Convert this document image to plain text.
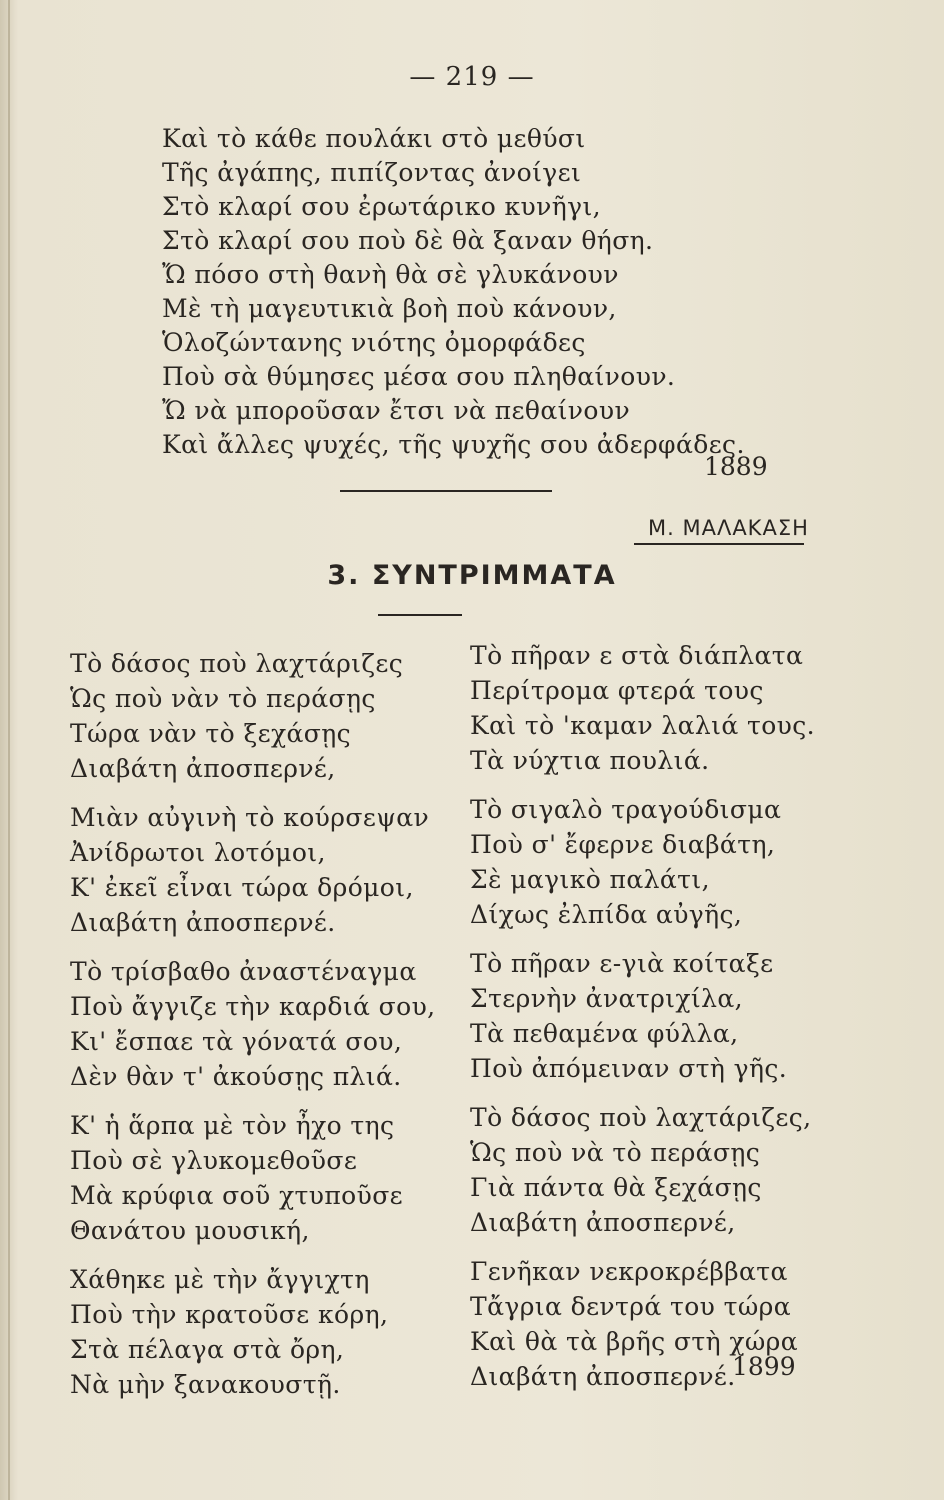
— 219 —
Καὶ τὸ κάθε πουλάκι στὸ μεθύσι
Τῆς ἀγάπης, πιπίζοντας ἀνοίγει
Στὸ κλαρί σου ἐρωτάρικο κυνῆγι,
Στὸ κλαρί σου ποὺ δὲ θὰ ξαναν θήση.
Ὤ πόσο στὴ θανὴ θὰ σὲ γλυκάνουν
Μὲ τὴ μαγευτικιὰ βοὴ ποὺ κάνουν,
Ὁλοζώντανης νιότης ὀμορφάδες
Ποὺ σὰ θύμησες μέσα σου πληθαίνουν.
Ὤ νὰ μποροῦσαν ἔτσι νὰ πεθαίνουν
Καὶ ἄλλες ψυχές, τῆς ψυχῆς σου ἀδερφάδες.
1889
Μ. ΜΑΛΑΚΑΣΗ
3. ΣΥΝΤΡΙΜΜΑΤΑ
Τὸ δάσος ποὺ λαχτάριζες
Ὡς ποὺ νὰν τὸ περάσῃς
Τώρα νὰν τὸ ξεχάσῃς
Διαβάτη ἀποσπερνέ,
Μιὰν αὐγινὴ τὸ κούρσεψαν
Ἀνίδρωτοι λοτόμοι,
Κ' ἐκεῖ εἶναι τώρα δρόμοι,
Διαβάτη ἀποσπερνέ.
Τὸ τρίσβαθο ἀναστέναγμα
Ποὺ ἄγγιζε τὴν καρδιά σου,
Κι' ἔσπαε τὰ γόνατά σου,
Δὲν θὰν τ' ἀκούσῃς πλιά.
Κ' ἡ ἅρπα μὲ τὸν ἦχο της
Ποὺ σὲ γλυκομεθοῦσε
Μὰ κρύφια σοῦ χτυποῦσε
Θανάτου μουσική,
Χάθηκε μὲ τὴν ἄγγιχτη
Ποὺ τὴν κρατοῦσε κόρη,
Στὰ πέλαγα στὰ ὄρη,
Νὰ μὴν ξανακουστῇ.
Τὸ πῆραν ε στὰ διάπλατα
Περίτρομα φτερά τους
Καὶ τὸ 'καμαν λαλιά τους.
Τὰ νύχτια πουλιά.
Τὸ σιγαλὸ τραγούδισμα
Ποὺ σ' ἔφερνε διαβάτη,
Σὲ μαγικὸ παλάτι,
Δίχως ἐλπίδα αὐγῆς,
Τὸ πῆραν ε-γιὰ κοίταξε
Στερνὴν ἀνατριχίλα,
Τὰ πεθαμένα φύλλα,
Ποὺ ἀπόμειναν στὴ γῆς.
Τὸ δάσος ποὺ λαχτάριζες,
Ὡς ποὺ νὰ τὸ περάσῃς
Γιὰ πάντα θὰ ξεχάσῃς
Διαβάτη ἀποσπερνέ,
Γενῆκαν νεκροκρέββατα
Τἄγρια δεντρά του τώρα
Καὶ θὰ τὰ βρῆς στὴ χώρα
Διαβάτη ἀποσπερνέ.
1899
